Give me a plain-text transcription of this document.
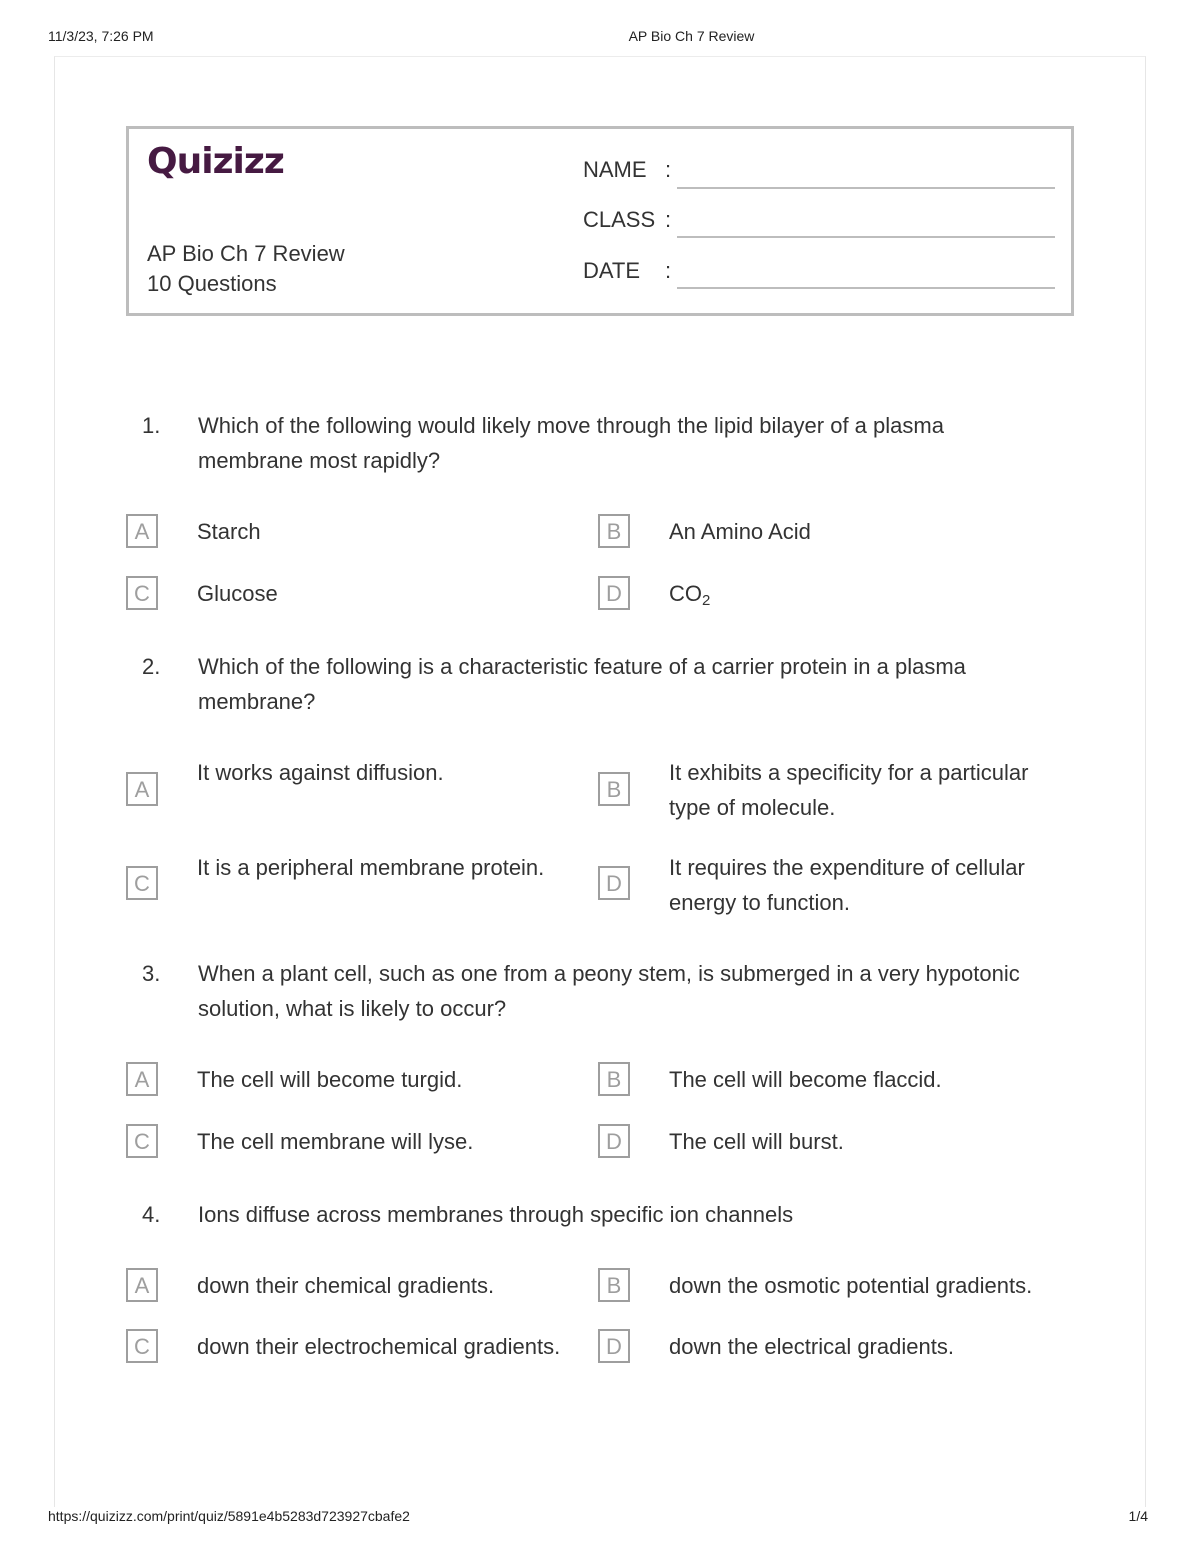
11/3/23, 7:26 PM	AP Bio Ch 7 Review
https://quizizz.com/print/quiz/5891e4b5283d723927cbafe2	1/4
Quizizz
AP Bio Ch 7 Review
10 Questions
NAME :
CLASS :
DATE :
1.	Which of the following would likely move through the lipid bilayer of a plasma
membrane most rapidly?
A	Starch	B	An Amino Acid
C	Glucose	D	$CO_2$
2.	Which of the following is a characteristic feature of a carrier protein in a plasma
membrane?
A
It works against diffusion.
B
It exhibits a specificity for a particular
type of molecule.
C
It is a peripheral membrane protein.
D
It requires the expenditure of cellular
energy to function.
3.	When a plant cell, such as one from a peony stem, is submerged in a very hypotonic
solution, what is likely to occur?
A	The cell will become turgid.	B	The cell will become flaccid.
C	The cell membrane will lyse.	D	The cell will burst.
4.	Ions diffuse across membranes through specific ion channels
A	down their chemical gradients.	B	down the osmotic potential gradients.
C	down their electrochemical gradients.	D	down the electrical gradients.
